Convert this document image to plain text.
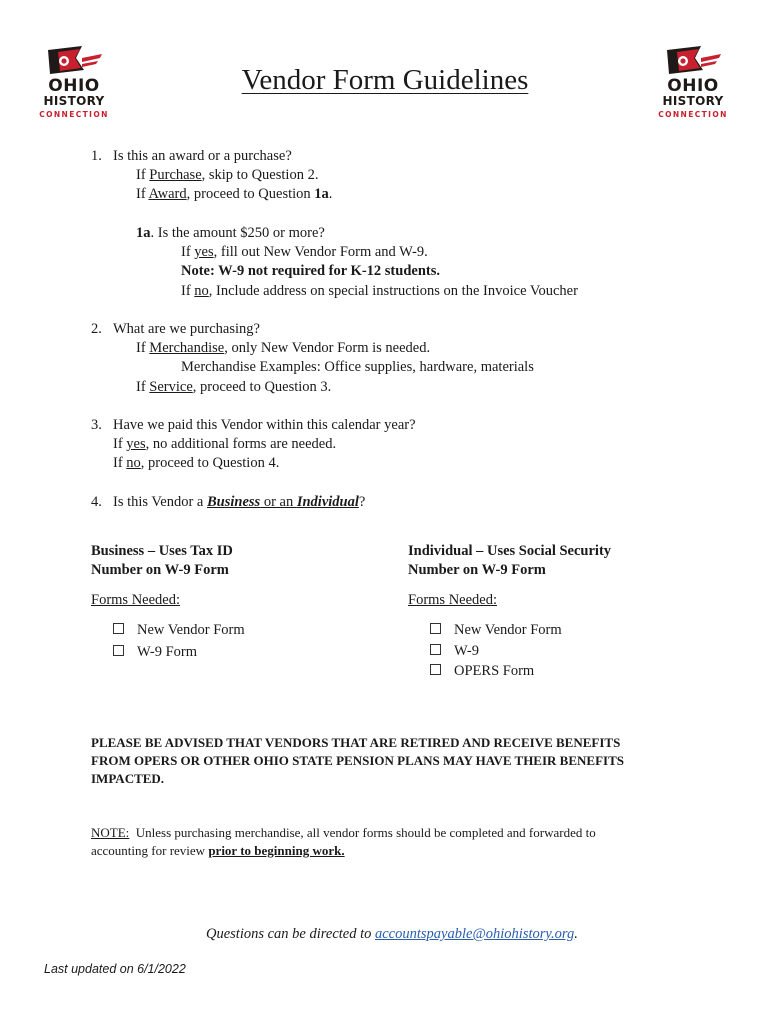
OHIO
HISTORY
CONNECTION
OHIO
HISTORY
CONNECTION
Vendor Form Guidelines
1. Is this an award or a purchase?
If Purchase, skip to Question 2.
If Award, proceed to Question 1a.
1a. Is the amount $250 or more?
If yes, fill out New Vendor Form and W-9.
Note: W-9 not required for K-12 students.
If no, Include address on special instructions on the Invoice Voucher
2. What are we purchasing?
If Merchandise, only New Vendor Form is needed.
Merchandise Examples: Office supplies, hardware, materials
If Service, proceed to Question 3.
3. Have we paid this Vendor within this calendar year?
If yes, no additional forms are needed.
If no, proceed to Question 4.
4. Is this Vendor a Business or an Individual?
Business – Uses Tax ID
Number on W-9 Form
Forms Needed:
New Vendor Form
W-9 Form
Individual – Uses Social Security
Number on W-9 Form
Forms Needed:
New Vendor Form
W-9
OPERS Form
PLEASE BE ADVISED THAT VENDORS THAT ARE RETIRED AND RECEIVE BENEFITS
FROM OPERS OR OTHER OHIO STATE PENSION PLANS MAY HAVE THEIR BENEFITS
IMPACTED.
NOTE:  Unless purchasing merchandise, all vendor forms should be completed and forwarded to
accounting for review prior to beginning work.
Questions can be directed to accountspayable@ohiohistory.org.
Last updated on 6/1/2022
